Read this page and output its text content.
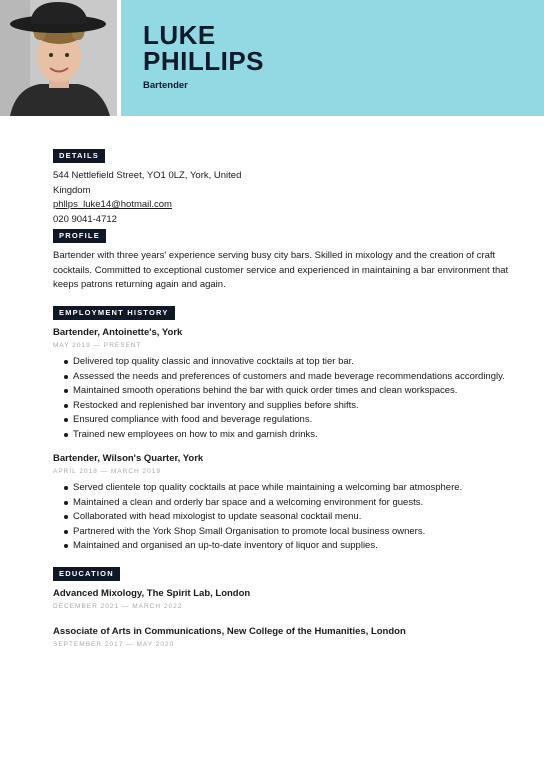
LUKE
PHILLIPS
Bartender
DETAILS
544 Nettlefield Street, YO1 0LZ, York, United
Kingdom
phllps_luke14@hotmail.com
020 9041-4712
PROFILE
Bartender with three years' experience serving busy city bars. Skilled in mixology and the creation of craft
cocktails. Committed to exceptional customer service and experienced in maintaining a bar environment that
keeps patrons returning again and again.
EMPLOYMENT HISTORY
Bartender, Antoinette's, York
MAY 2019 — PRESENT
Delivered top quality classic and innovative cocktails at top tier bar.
Assessed the needs and preferences of customers and made beverage recommendations accordingly.
Maintained smooth operations behind the bar with quick order times and clean workspaces.
Restocked and replenished bar inventory and supplies before shifts.
Ensured compliance with food and beverage regulations.
Trained new employees on how to mix and garnish drinks.
Bartender, Wilson's Quarter, York
APRIL 2018 — MARCH 2019
Served clientele top quality cocktails at pace while maintaining a welcoming bar atmosphere.
Maintained a clean and orderly bar space and a welcoming environment for guests.
Collaborated with head mixologist to update seasonal cocktail menu.
Partnered with the York Shop Small Organisation to promote local business owners.
Maintained and organised an up-to-date inventory of liquor and supplies.
EDUCATION
Advanced Mixology, The Spirit Lab, London
DECEMBER 2021 — MARCH 2022
Associate of Arts in Communications, New College of the Humanities, London
SEPTEMBER 2017 — MAY 2020
